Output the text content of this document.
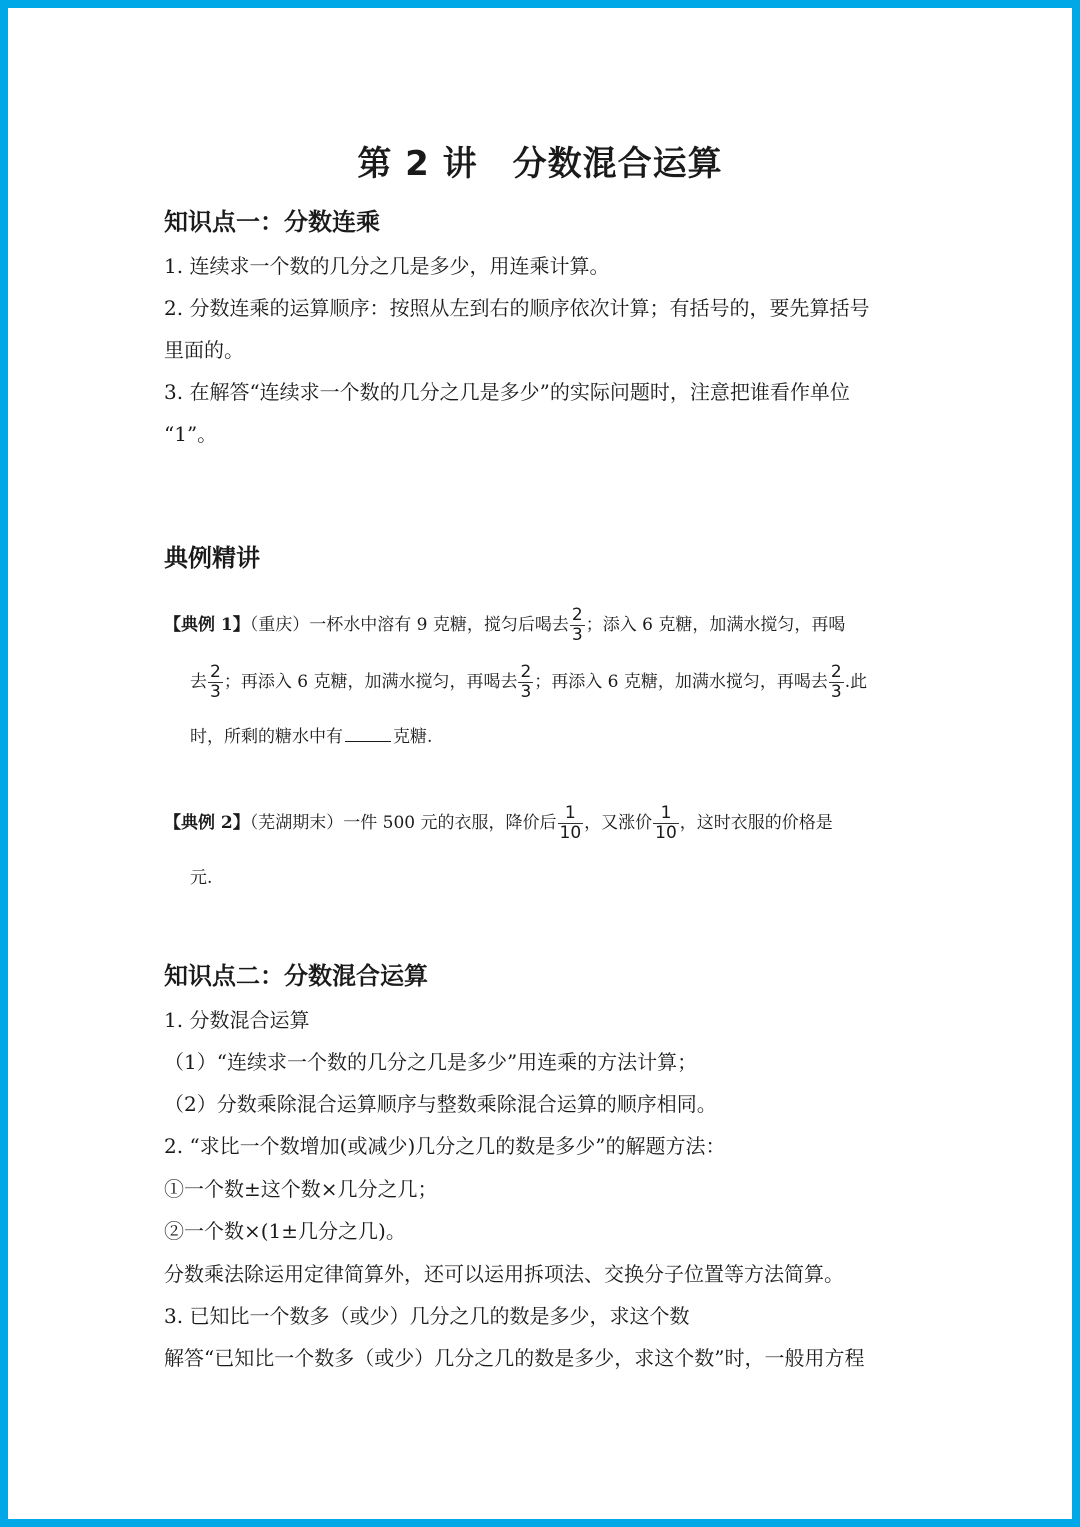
第 2 讲　分数混合运算
知识点一：分数连乘
1. 连续求一个数的几分之几是多少，用连乘计算。
2. 分数连乘的运算顺序：按照从左到右的顺序依次计算；有括号的，要先算括号
里面的。
3. 在解答“连续求一个数的几分之几是多少”的实际问题时，注意把谁看作单位
“1”。
典例精讲
【典例 1】（重庆）一杯水中溶有 9 克糖，搅匀后喝去 $\frac{2}{3}$ ；添入 6 克糖，加满水搅匀，再喝
去 $\frac{2}{3}$ ；再添入 6 克糖，加满水搅匀，再喝去 $\frac{2}{3}$ ；再添入 6 克糖，加满水搅匀，再喝去 $\frac{2}{3}$ .此
时，所剩的糖水中有	克糖.
【典例 2】（芜湖期末）一件 500 元的衣服，降价后 $\frac{1}{10}$ ，又涨价 $\frac{1}{10}$ ，这时衣服的价格是
元.
知识点二：分数混合运算
1. 分数混合运算
（1）“连续求一个数的几分之几是多少”用连乘的方法计算；
（2）分数乘除混合运算顺序与整数乘除混合运算的顺序相同。
2. “求比一个数增加(或减少)几分之几的数是多少”的解题方法：
①一个数±这个数×几分之几；
②一个数×(1±几分之几)。
分数乘法除运用定律简算外，还可以运用拆项法、交换分子位置等方法简算。
3. 已知比一个数多（或少）几分之几的数是多少，求这个数
解答“已知比一个数多（或少）几分之几的数是多少，求这个数”时，一般用方程
